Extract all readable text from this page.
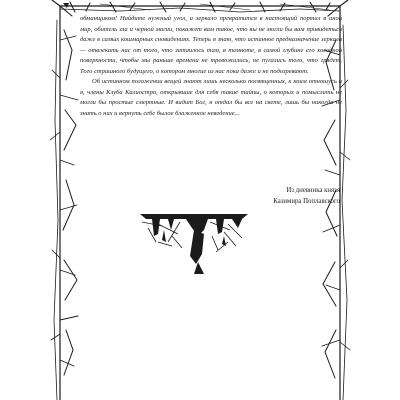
обманщиком! Найдите нужный угол, и зеркало превратится в настоящий портал в иной мир, обитель зла и черной магии, покажет вам такое, что вы не могли бы вам привидеться даже в самых кошмарных сновидениях. Теперь я знаю, что истинное предназначение зеркала — отвлекать нас от того, что затаилось там, в темноте, в самой глубине его холодной поверхности, чтобы мы раньше времени не тревожились, не пугались того, что грядет. Того страшного будущего, о котором многие из нас пока даже и не подозревают.

Об истинном положении вещей знают лишь несколько посвященных, к коим отношусь и я, члены Клуба Калиостро, открывшие для себя такие тайны, о которых и помыслить не могли бы простые смертные. И видит Бог, я отдал бы все на свете, лишь бы никогда не знать о них и вернуть себе былое блаженное неведение...

Из дневника князя
Казимира Поплавского
